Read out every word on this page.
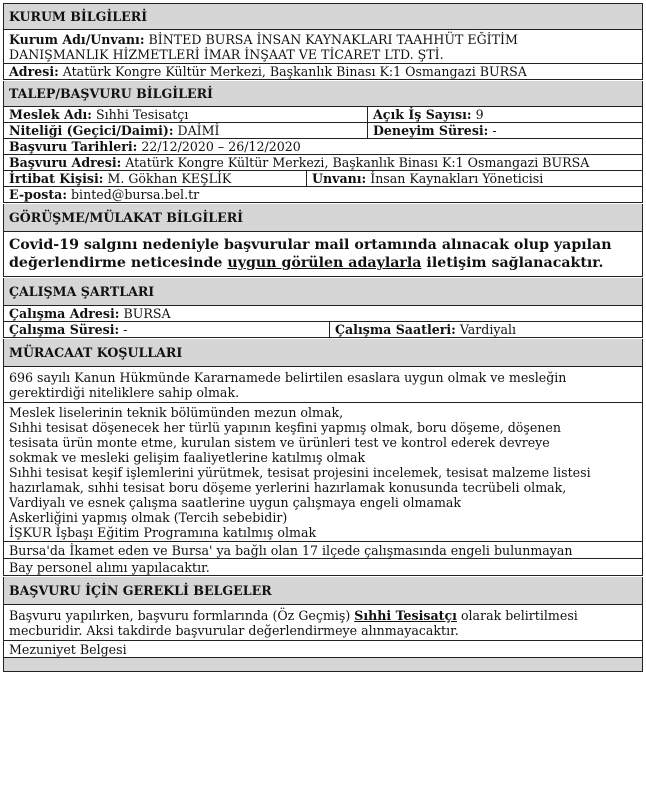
KURUM BİLGİLERİ
Kurum Adı/Unvanı: BİNTED BURSA İNSAN KAYNAKLARI TAAHHÜT EĞİTİM
DANIŞMANLIK HİZMETLERİ İMAR İNŞAAT VE TİCARET LTD. ŞTİ.
Adresi: Atatürk Kongre Kültür Merkezi, Başkanlık Binası K:1 Osmangazi BURSA
TALEP/BAŞVURU BİLGİLERİ
Meslek Adı: Sıhhi Tesisatçı	Açık İş Sayısı: 9
Niteliği (Geçici/Daimi): DAİMİ	Deneyim Süresi: -
Başvuru Tarihleri: 22/12/2020 – 26/12/2020
Başvuru Adresi: Atatürk Kongre Kültür Merkezi, Başkanlık Binası K:1 Osmangazi BURSA
İrtibat Kişisi: M. Gökhan KEŞLİK	Unvanı: İnsan Kaynakları Yöneticisi
E-posta: binted@bursa.bel.tr
GÖRÜŞME/MÜLAKAT BİLGİLERİ
Covid-19 salgını nedeniyle başvurular mail ortamında alınacak olup yapılan
değerlendirme neticesinde uygun görülen adaylarla iletişim sağlanacaktır.
ÇALIŞMA ŞARTLARI
Çalışma Adresi: BURSA
Çalışma Süresi: -	Çalışma Saatleri: Vardiyalı
MÜRACAAT KOŞULLARI
696 sayılı Kanun Hükmünde Kararnamede belirtilen esaslara uygun olmak ve mesleğin
gerektirdiği niteliklere sahip olmak.
Meslek liselerinin teknik bölümünden mezun olmak,
Sıhhi tesisat döşenecek her türlü yapının keşfini yapmış olmak, boru döşeme, döşenen
tesisata ürün monte etme, kurulan sistem ve ürünleri test ve kontrol ederek devreye
sokmak ve mesleki gelişim faaliyetlerine katılmış olmak
Sıhhi tesisat keşif işlemlerini yürütmek, tesisat projesini incelemek, tesisat malzeme listesi
hazırlamak, sıhhi tesisat boru döşeme yerlerini hazırlamak konusunda tecrübeli olmak,
Vardiyalı ve esnek çalışma saatlerine uygun çalışmaya engeli olmamak
Askerliğini yapmış olmak (Tercih sebebidir)
İŞKUR İşbaşı Eğitim Programına katılmış olmak
Bursa'da İkamet eden ve Bursa' ya bağlı olan 17 ilçede çalışmasında engeli bulunmayan
Bay personel alımı yapılacaktır.
BAŞVURU İÇİN GEREKLİ BELGELER
Başvuru yapılırken, başvuru formlarında (Öz Geçmiş) Sıhhi Tesisatçı olarak belirtilmesi
mecburidir. Aksi takdirde başvurular değerlendirmeye alınmayacaktır.
Mezuniyet Belgesi
